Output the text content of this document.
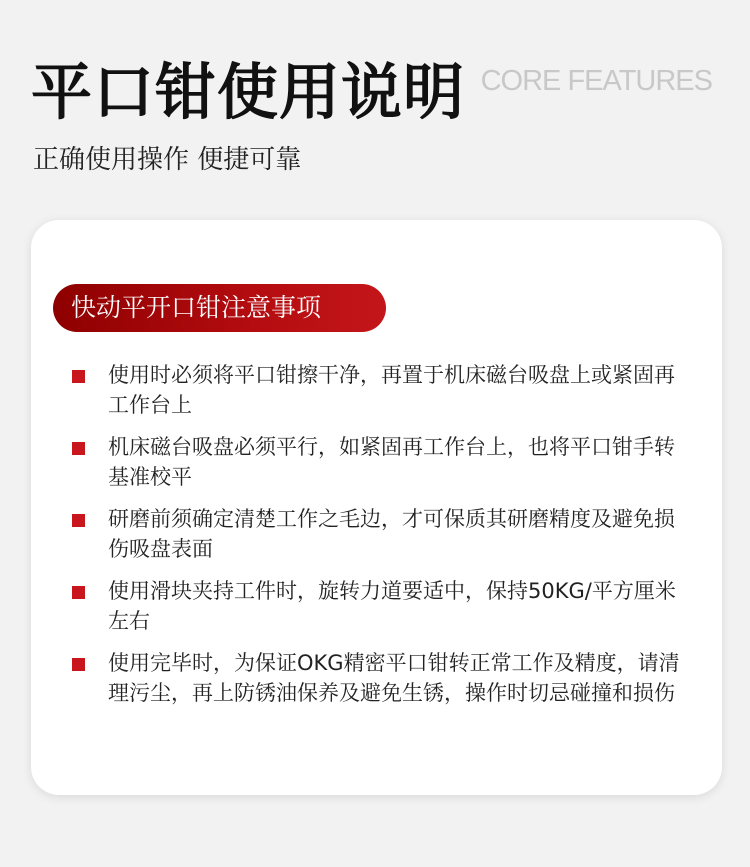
平口钳使用说明 CORE FEATURES
正确使用操作 便捷可靠
快动平开口钳注意事项
使用时必须将平口钳擦干净，再置于机床磁台吸盘上或紧固再工作台上
机床磁台吸盘必须平行，如紧固再工作台上，也将平口钳手转基准校平
研磨前须确定清楚工作之毛边，才可保质其研磨精度及避免损伤吸盘表面
使用滑块夹持工件时，旋转力道要适中，保持50KG/平方厘米左右
使用完毕时，为保证OKG精密平口钳转正常工作及精度，请清理污尘，再上防锈油保养及避免生锈，操作时切忌碰撞和损伤
